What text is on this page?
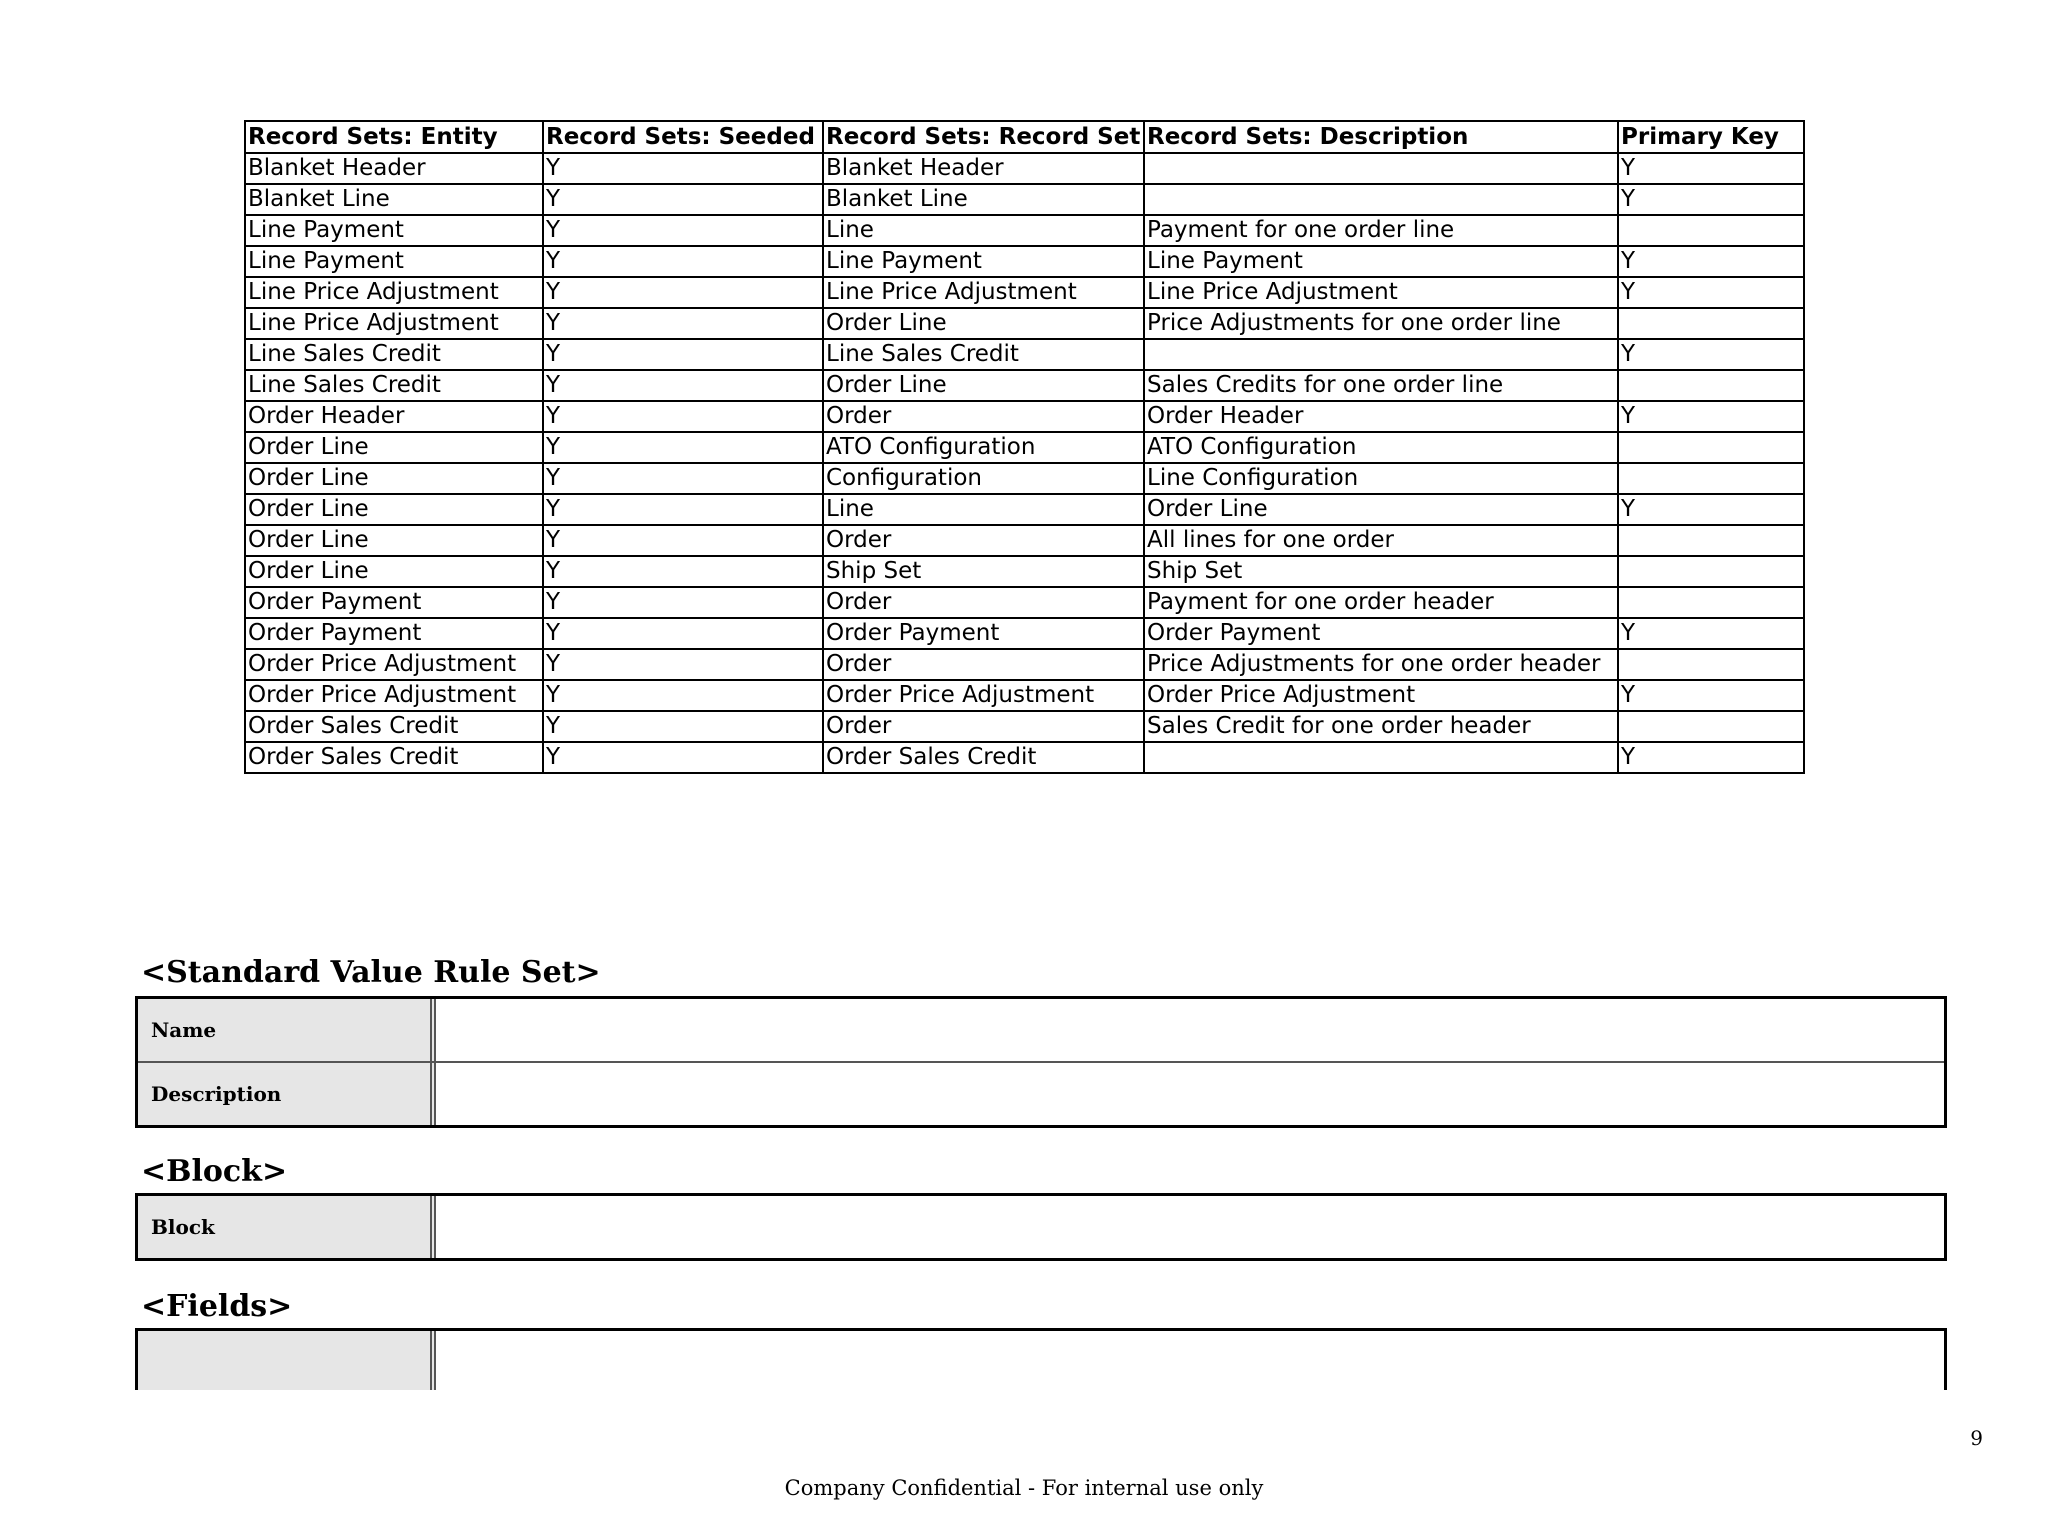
Record Sets: Entity	Record Sets: Seeded	Record Sets: Record Set	Record Sets: Description	Primary Key
Blanket Header	Y	Blanket Header		Y
Blanket Line	Y	Blanket Line		Y
Line Payment	Y	Line	Payment for one order line	
Line Payment	Y	Line Payment	Line Payment	Y
Line Price Adjustment	Y	Line Price Adjustment	Line Price Adjustment	Y
Line Price Adjustment	Y	Order Line	Price Adjustments for one order line	
Line Sales Credit	Y	Line Sales Credit		Y
Line Sales Credit	Y	Order Line	Sales Credits for one order line	
Order Header	Y	Order	Order Header	Y
Order Line	Y	ATO Configuration	ATO Configuration	
Order Line	Y	Configuration	Line Configuration	
Order Line	Y	Line	Order Line	Y
Order Line	Y	Order	All lines for one order	
Order Line	Y	Ship Set	Ship Set	
Order Payment	Y	Order	Payment for one order header	
Order Payment	Y	Order Payment	Order Payment	Y
Order Price Adjustment	Y	Order	Price Adjustments for one order header	
Order Price Adjustment	Y	Order Price Adjustment	Order Price Adjustment	Y
Order Sales Credit	Y	Order	Sales Credit for one order header	
Order Sales Credit	Y	Order Sales Credit		Y
<Standard Value Rule Set>
Name
Description
<Block>
Block
<Fields>
9
Company Confidential - For internal use only
